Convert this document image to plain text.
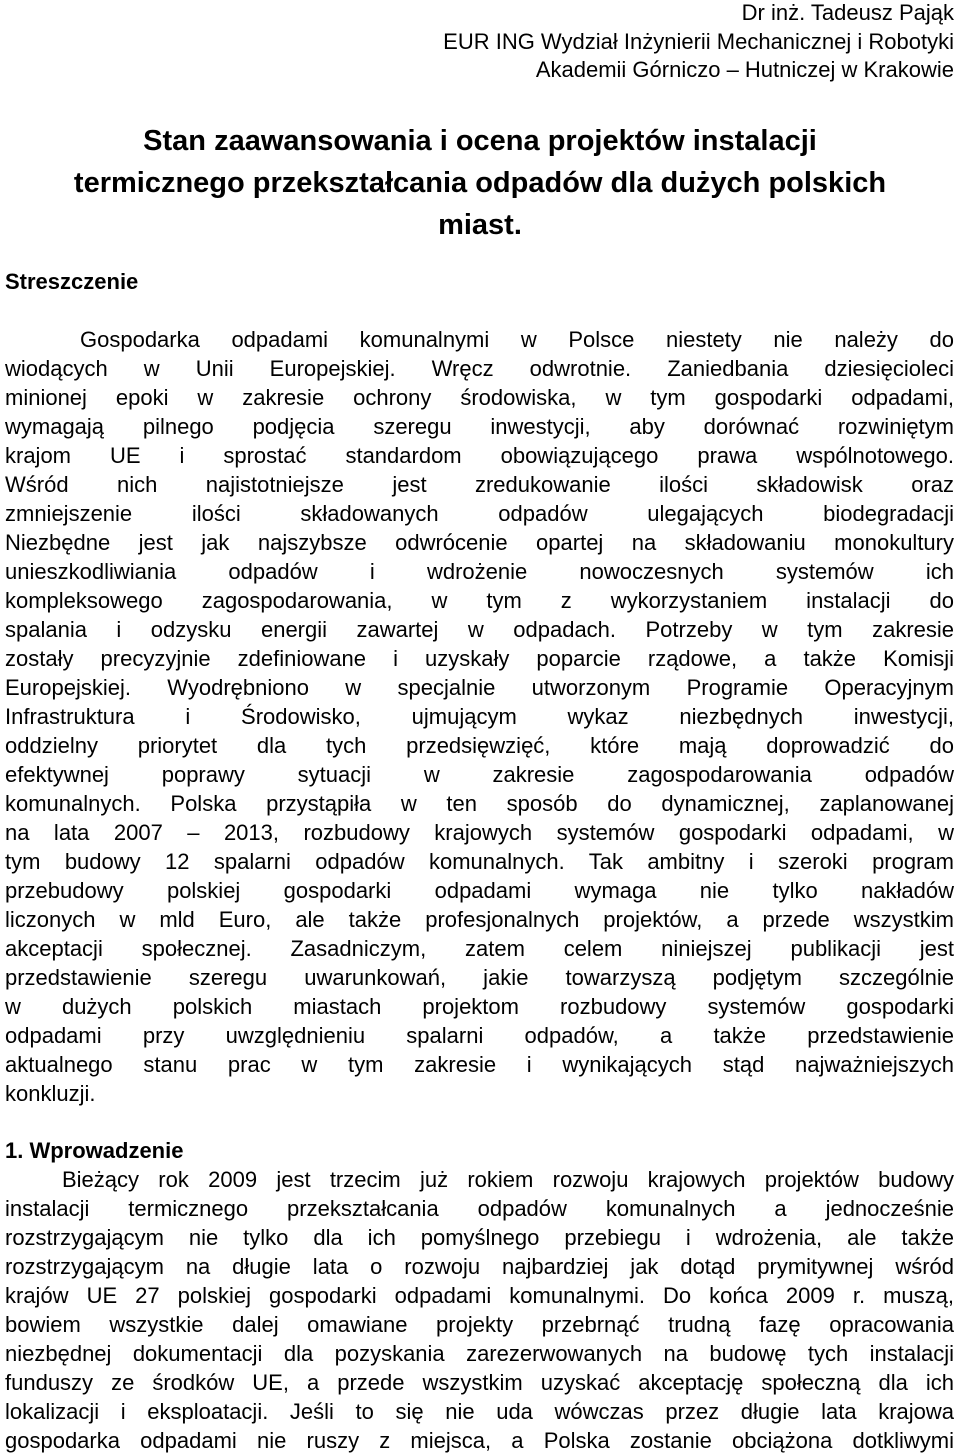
Dr inż. Tadeusz Pająk
EUR ING Wydział Inżynierii Mechanicznej i Robotyki
Akademii Górniczo – Hutniczej w Krakowie
Stan zaawansowania i ocena projektów instalacji
termicznego przekształcania odpadów dla dużych polskich
miast.
Streszczenie
Gospodarka odpadami komunalnymi w Polsce niestety nie należy do
wiodących w Unii Europejskiej. Wręcz odwrotnie. Zaniedbania dziesięcioleci
minionej epoki w zakresie ochrony środowiska, w tym gospodarki odpadami,
wymagają pilnego podjęcia szeregu inwestycji, aby dorównać rozwiniętym
krajom UE i sprostać standardom obowiązującego prawa wspólnotowego.
Wśród nich najistotniejsze jest zredukowanie ilości składowisk oraz
zmniejszenie ilości składowanych odpadów ulegających biodegradacji
Niezbędne jest jak najszybsze odwrócenie opartej na składowaniu monokultury
unieszkodliwiania odpadów i wdrożenie nowoczesnych systemów ich
kompleksowego zagospodarowania, w tym z wykorzystaniem instalacji do
spalania i odzysku energii zawartej w odpadach. Potrzeby w tym zakresie
zostały precyzyjnie zdefiniowane i uzyskały poparcie rządowe, a także Komisji
Europejskiej. Wyodrębniono w specjalnie utworzonym Programie Operacyjnym
Infrastruktura i Środowisko, ujmującym wykaz niezbędnych inwestycji,
oddzielny priorytet dla tych przedsięwzięć, które mają doprowadzić do
efektywnej poprawy sytuacji w zakresie zagospodarowania odpadów
komunalnych. Polska przystąpiła w ten sposób do dynamicznej, zaplanowanej
na lata 2007 – 2013, rozbudowy krajowych systemów gospodarki odpadami, w
tym budowy 12 spalarni odpadów komunalnych. Tak ambitny i szeroki program
przebudowy polskiej gospodarki odpadami wymaga nie tylko nakładów
liczonych w mld Euro, ale także profesjonalnych projektów, a przede wszystkim
akceptacji społecznej. Zasadniczym, zatem celem niniejszej publikacji jest
przedstawienie szeregu uwarunkowań, jakie towarzyszą podjętym szczególnie
w dużych polskich miastach projektom rozbudowy systemów gospodarki
odpadami przy uwzględnieniu spalarni odpadów, a także przedstawienie
aktualnego stanu prac w tym zakresie i wynikających stąd najważniejszych
konkluzji.
1. Wprowadzenie
Bieżący rok 2009 jest trzecim już rokiem rozwoju krajowych projektów budowy
instalacji termicznego przekształcania odpadów komunalnych a jednocześnie
rozstrzygającym nie tylko dla ich pomyślnego przebiegu i wdrożenia, ale także
rozstrzygającym na długie lata o rozwoju najbardziej jak dotąd prymitywnej wśród
krajów UE 27 polskiej gospodarki odpadami komunalnymi. Do końca 2009 r. muszą,
bowiem wszystkie dalej omawiane projekty przebrnąć trudną fazę opracowania
niezbędnej dokumentacji dla pozyskania zarezerwowanych na budowę tych instalacji
funduszy ze środków UE, a przede wszystkim uzyskać akceptację społeczną dla ich
lokalizacji i eksploatacji. Jeśli to się nie uda wówczas przez długie lata krajowa
gospodarka odpadami nie ruszy z miejsca, a Polska zostanie obciążona dotkliwymi
